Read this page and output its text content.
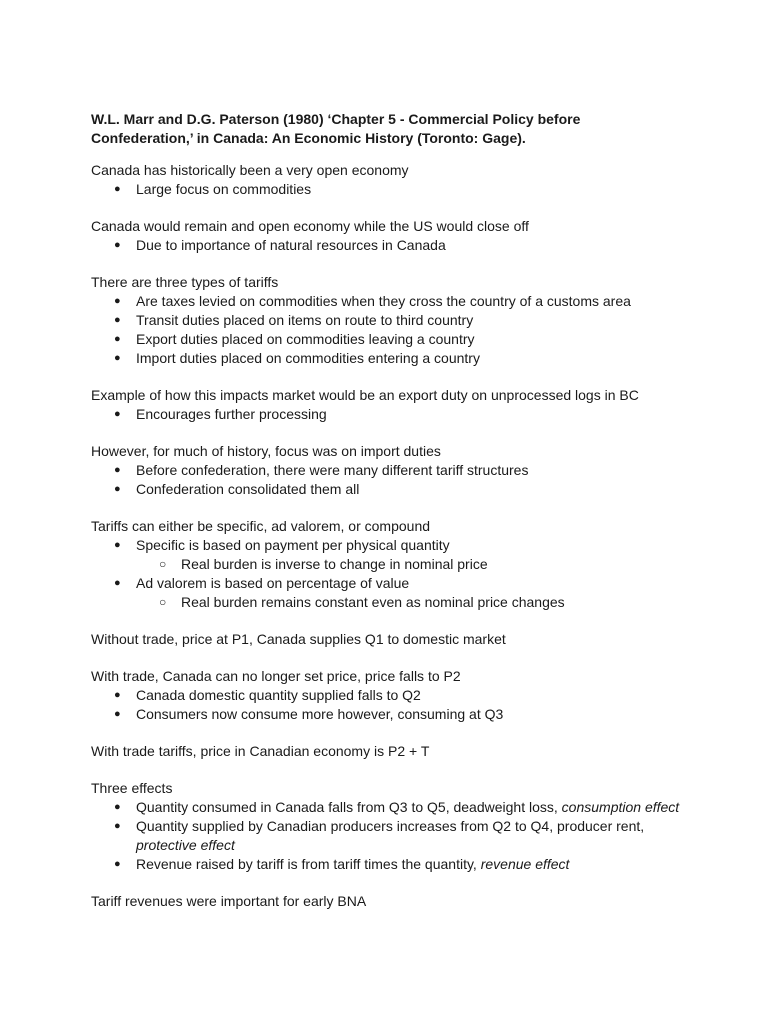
W.L. Marr and D.G. Paterson (1980) ‘Chapter 5 - Commercial Policy before
Confederation,’ in Canada: An Economic History (Toronto: Gage).

Canada has historically been a very open economy

● Large focus on commodities

Canada would remain and open economy while the US would close off

● Due to importance of natural resources in Canada

There are three types of tariffs

● Are taxes levied on commodities when they cross the country of a customs area
● Transit duties placed on items on route to third country
● Export duties placed on commodities leaving a country
● Import duties placed on commodities entering a country

Example of how this impacts market would be an export duty on unprocessed logs in BC

● Encourages further processing

However, for much of history, focus was on import duties

● Before confederation, there were many different tariff structures
● Confederation consolidated them all

Tariffs can either be specific, ad valorem, or compound

● Specific is based on payment per physical quantity
○ Real burden is inverse to change in nominal price
● Ad valorem is based on percentage of value
○ Real burden remains constant even as nominal price changes

Without trade, price at P1, Canada supplies Q1 to domestic market

With trade, Canada can no longer set price, price falls to P2

● Canada domestic quantity supplied falls to Q2
● Consumers now consume more however, consuming at Q3

With trade tariffs, price in Canadian economy is P2 + T

Three effects

● Quantity consumed in Canada falls from Q3 to Q5, deadweight loss, consumption effect
● Quantity supplied by Canadian producers increases from Q2 to Q4, producer rent, protective effect
● Revenue raised by tariff is from tariff times the quantity, revenue effect

Tariff revenues were important for early BNA
